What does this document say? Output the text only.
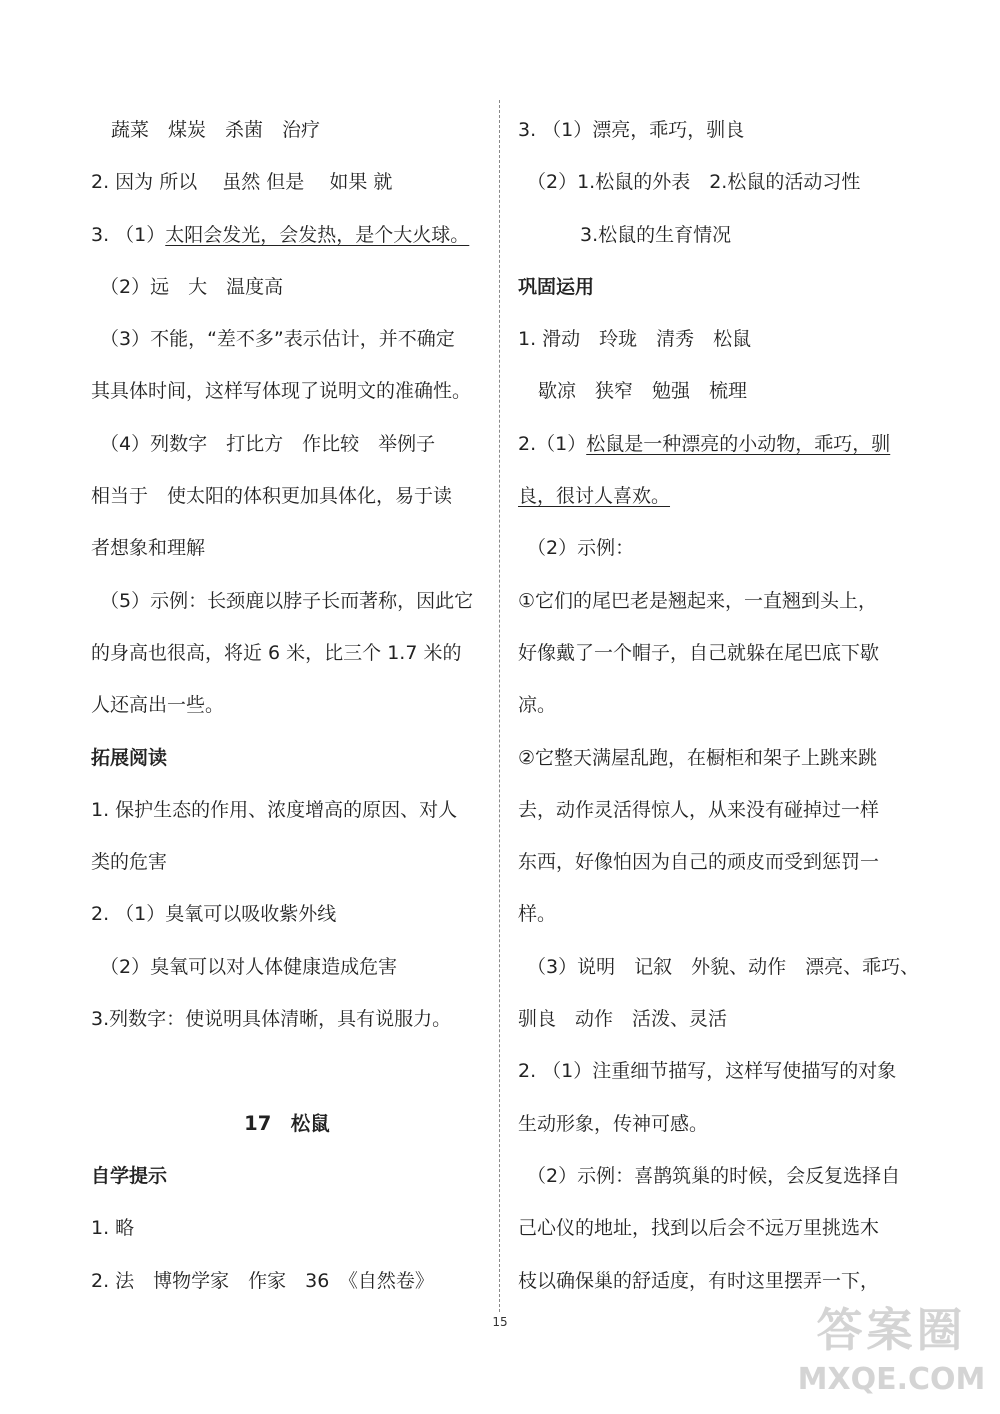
蔬菜　煤炭　杀菌　治疗
2. 因为 所以　 虽然 但是　 如果 就
3. （1）太阳会发光，会发热，是个大火球。
（2）远　大　温度高
（3）不能，“差不多”表示估计，并不确定
其具体时间，这样写体现了说明文的准确性。
（4）列数字　打比方　作比较　举例子
相当于　使太阳的体积更加具体化，易于读
者想象和理解
（5）示例：长颈鹿以脖子长而著称，因此它
的身高也很高，将近 6 米，比三个 1.7 米的
人还高出一些。
拓展阅读
1. 保护生态的作用、浓度增高的原因、对人
类的危害
2. （1）臭氧可以吸收紫外线
（2）臭氧可以对人体健康造成危害
3.列数字：使说明具体清晰，具有说服力。
17　松鼠
自学提示
1. 略
2. 法　博物学家　作家　36　《自然卷》
3. （1）漂亮，乖巧，驯良
（2）1.松鼠的外表　2.松鼠的活动习性
3.松鼠的生育情况
巩固运用
1. 滑动　玲珑　清秀　松鼠
歇凉　狭窄　勉强　梳理
2.（1）松鼠是一种漂亮的小动物，乖巧，驯
良，很讨人喜欢。
（2）示例：
①它们的尾巴老是翘起来，一直翘到头上，
好像戴了一个帽子，自己就躲在尾巴底下歇
凉。
②它整天满屋乱跑，在橱柜和架子上跳来跳
去，动作灵活得惊人，从来没有碰掉过一样
东西，好像怕因为自己的顽皮而受到惩罚一
样。
（3）说明　记叙　外貌、动作　漂亮、乖巧、
驯良　动作　活泼、灵活
2. （1）注重细节描写，这样写使描写的对象
生动形象，传神可感。
（2）示例：喜鹊筑巢的时候，会反复选择自
己心仪的地址，找到以后会不远万里挑选木
枝以确保巢的舒适度，有时这里摆弄一下，
15	答案圈
MXQE.COM
